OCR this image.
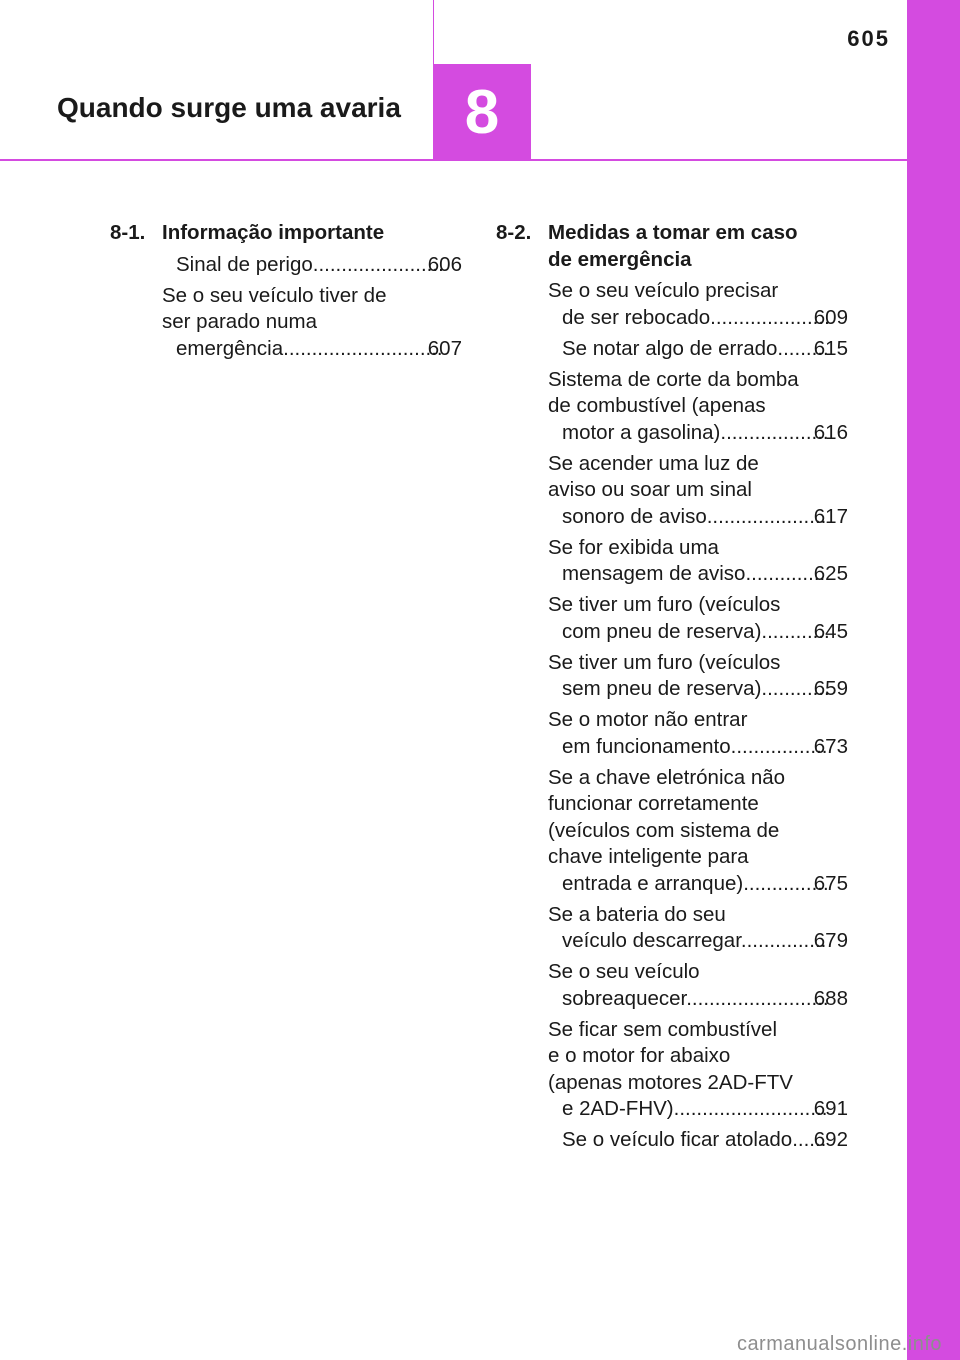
605
Quando surge uma avaria	8
8-1. Informação importante
Sinal de perigo .....	606
Se o seu veículo tiver de
ser parado numa
emergência .....	607
8-2. Medidas a tomar em caso
de emergência
Se o seu veículo precisar
de ser rebocado .....	609
Se notar algo de errado .....	615
Sistema de corte da bomba
de combustível (apenas
motor a gasolina) .....	616
Se acender uma luz de
aviso ou soar um sinal
sonoro de aviso .....	617
Se for exibida uma
mensagem de aviso .....	625
Se tiver um furo (veículos
com pneu de reserva) .....	645
Se tiver um furo (veículos
sem pneu de reserva) .....	659
Se o motor não entrar
em funcionamento .....	673
Se a chave eletrónica não
funcionar corretamente
(veículos com sistema de
chave inteligente para
entrada e arranque) .....	675
Se a bateria do seu
veículo descarregar .....	679
Se o seu veículo
sobreaquecer .....	688
Se ficar sem combustível
e o motor for abaixo
(apenas motores 2AD-FTV
e 2AD-FHV) .....	691
Se o veículo ficar atolado .....	692
carmanualsonline.info
